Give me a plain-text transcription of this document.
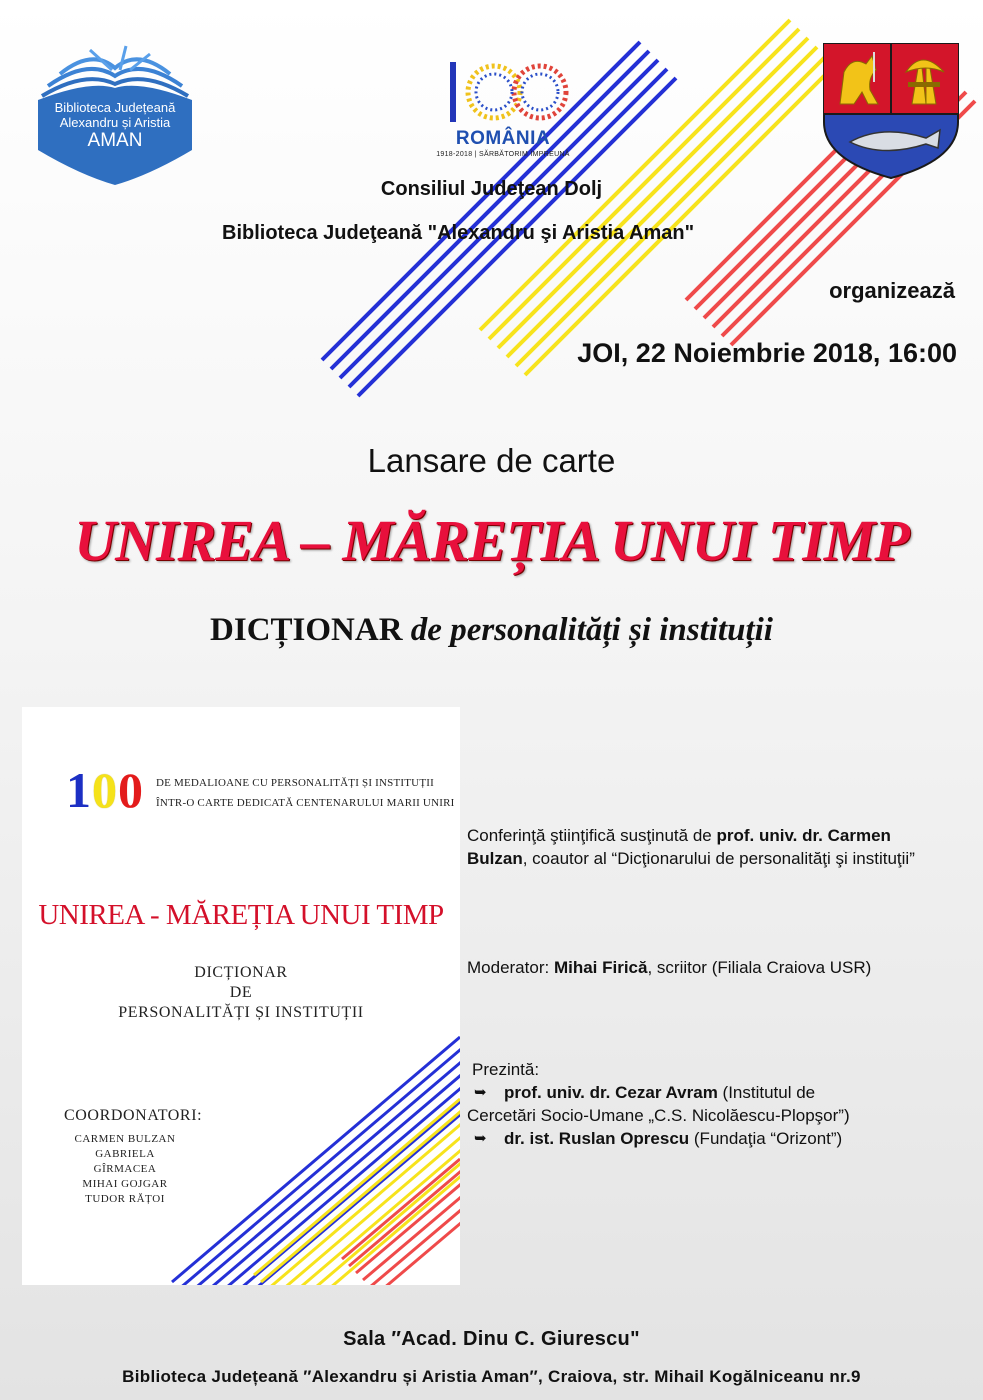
Biblioteca Județeană
Alexandru și Aristia
AMAN	ROMÂNIA
1918-2018 | SĂRBĂTORIM ÎMPREUNĂ
Consiliul Judeţean Dolj
Biblioteca Judeţeană "Alexandru şi Aristia Aman"
organizează
JOI, 22 Noiembrie 2018, 16:00
Lansare de carte
UNIREA – MĂREȚIA UNUI TIMP
DICȚIONAR de personalități și instituții
100 DE MEDALIOANE CU PERSONALITĂȚI ȘI INSTITUȚII
ÎNTR-O CARTE DEDICATĂ CENTENARULUI MARII UNIRI
UNIREA - MĂREȚIA UNUI TIMP
DICȚIONAR
DE
PERSONALITĂȚI ȘI INSTITUȚII
COORDONATORI:
CARMEN BULZAN
GABRIELA GÎRMACEA
MIHAI GOJGAR
TUDOR RĂȚOI
Conferinţă ştiinţifică susţinută de prof. univ. dr. Carmen Bulzan, coautor al “Dicţionarului de personalităţi şi instituţii”
Moderator: Mihai Firică, scriitor (Filiala Craiova USR)
Prezintă:
➥ prof. univ. dr. Cezar Avram (Institutul de
Cercetări Socio-Umane „C.S. Nicolăescu-Plopşor”)
➥ dr. ist. Ruslan Oprescu (Fundaţia “Orizont”)
Sala ″Acad. Dinu C. Giurescu"
Biblioteca Județeană ″Alexandru și Aristia Aman″, Craiova, str. Mihail Kogălniceanu nr.9
